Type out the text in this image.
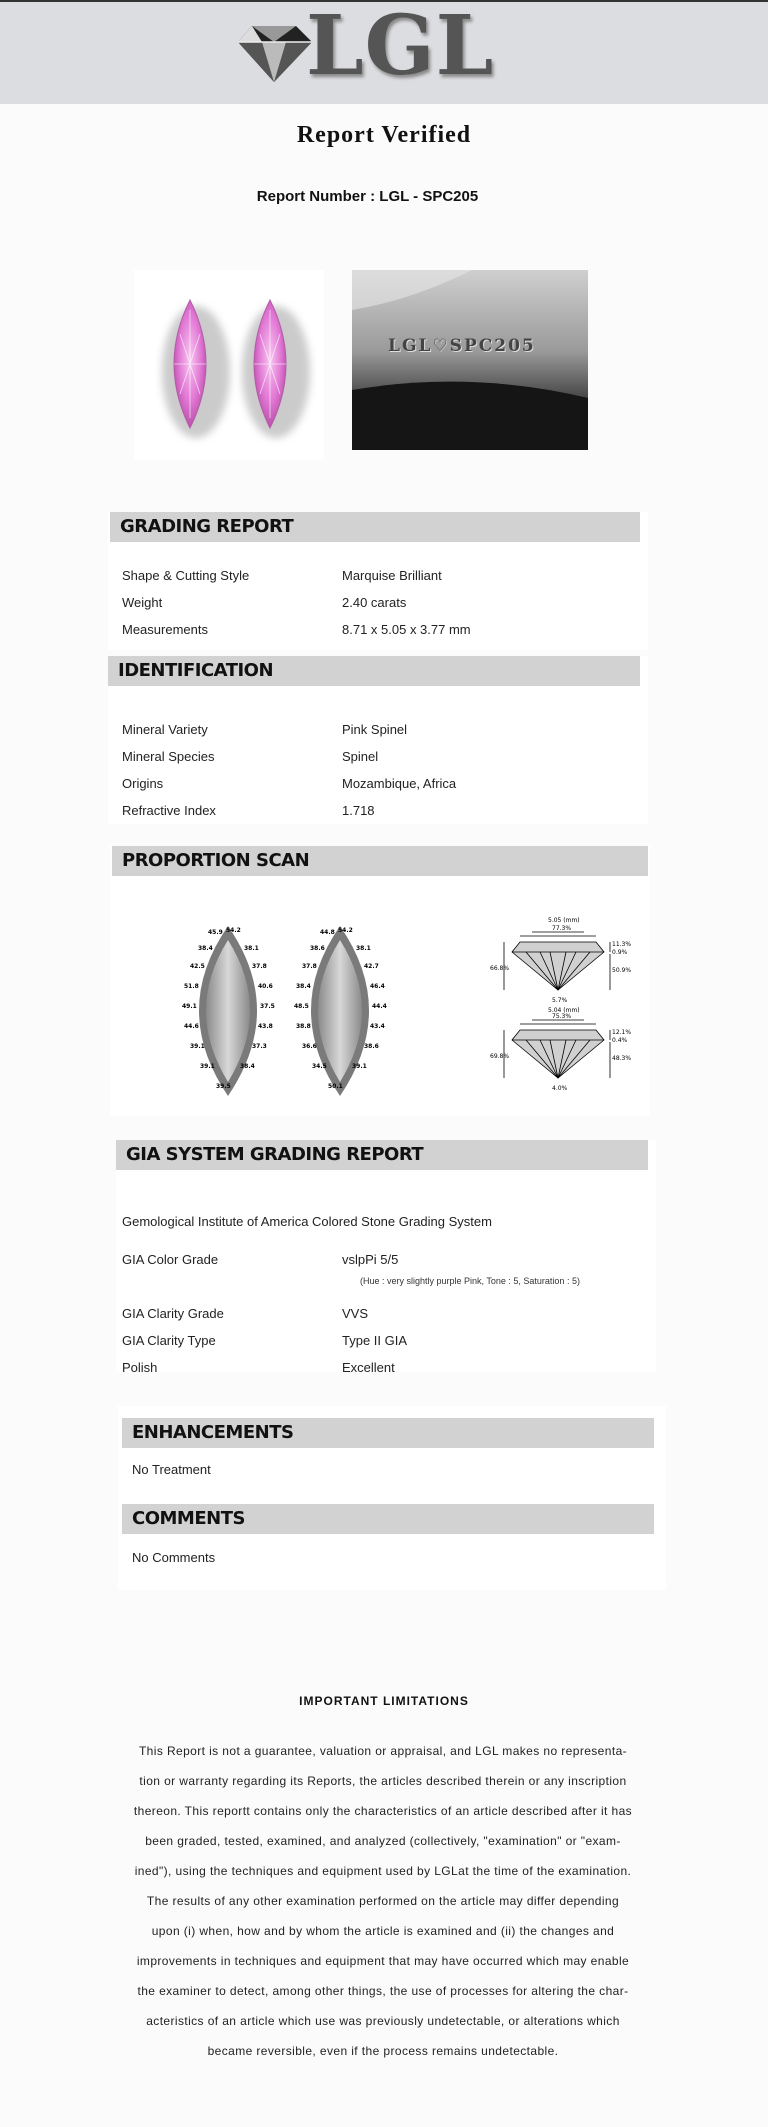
LGL
Report Verified
Report Number : LGL - SPC205
LGL♡SPC205
GRADING REPORT
Shape & Cutting Style	Marquise Brilliant
Weight	2.40 carats
Measurements	8.71 x 5.05 x 3.77 mm
IDENTIFICATION
Mineral Variety	Pink Spinel
Mineral Species	Spinel
Origins	Mozambique, Africa
Refractive Index	1.718
PROPORTION SCAN
45.9 54.2
38.4	38.1
42.5	37.8
51.8	40.6
49.1	37.5
44.6	43.8
39.1	37.3
39.1	38.4
39.5
44.8 54.2
38.6	38.1
37.8	42.7
38.4	46.4
48.5	44.4
38.8	43.4
36.6	38.6
34.5	39.1
50.1
5.05 (mm)
77.3%
11.3%
0.9%
66.8%	50.9%
5.7%
5.04 (mm)
75.3%
12.1%
0.4%
69.8%	48.3%
4.0%
GIA SYSTEM GRADING REPORT
Gemological Institute of America Colored Stone Grading System
GIA Color Grade	vslpPi 5/5
(Hue : very slightly purple Pink, Tone : 5, Saturation : 5)
GIA Clarity Grade	VVS
GIA Clarity Type	Type II GIA
Polish	Excellent
ENHANCEMENTS
No Treatment
COMMENTS
No Comments
IMPORTANT LIMITATIONS
This Report is not a guarantee, valuation or appraisal, and LGL makes no representa-
tion or warranty regarding its Reports, the articles described therein or any inscription
thereon. This reportt contains only the characteristics of an article described after it has
been graded, tested, examined, and analyzed (collectively, "examination" or "exam-
ined"), using the techniques and equipment used by LGLat the time of the examination.
The results of any other examination performed on the article may differ depending
upon (i) when, how and by whom the article is examined and (ii) the changes and
improvements in techniques and equipment that may have occurred which may enable
the examiner to detect, among other things, the use of processes for altering the char-
acteristics of an article which use was previously undetectable, or alterations which
became reversible, even if the process remains undetectable.
